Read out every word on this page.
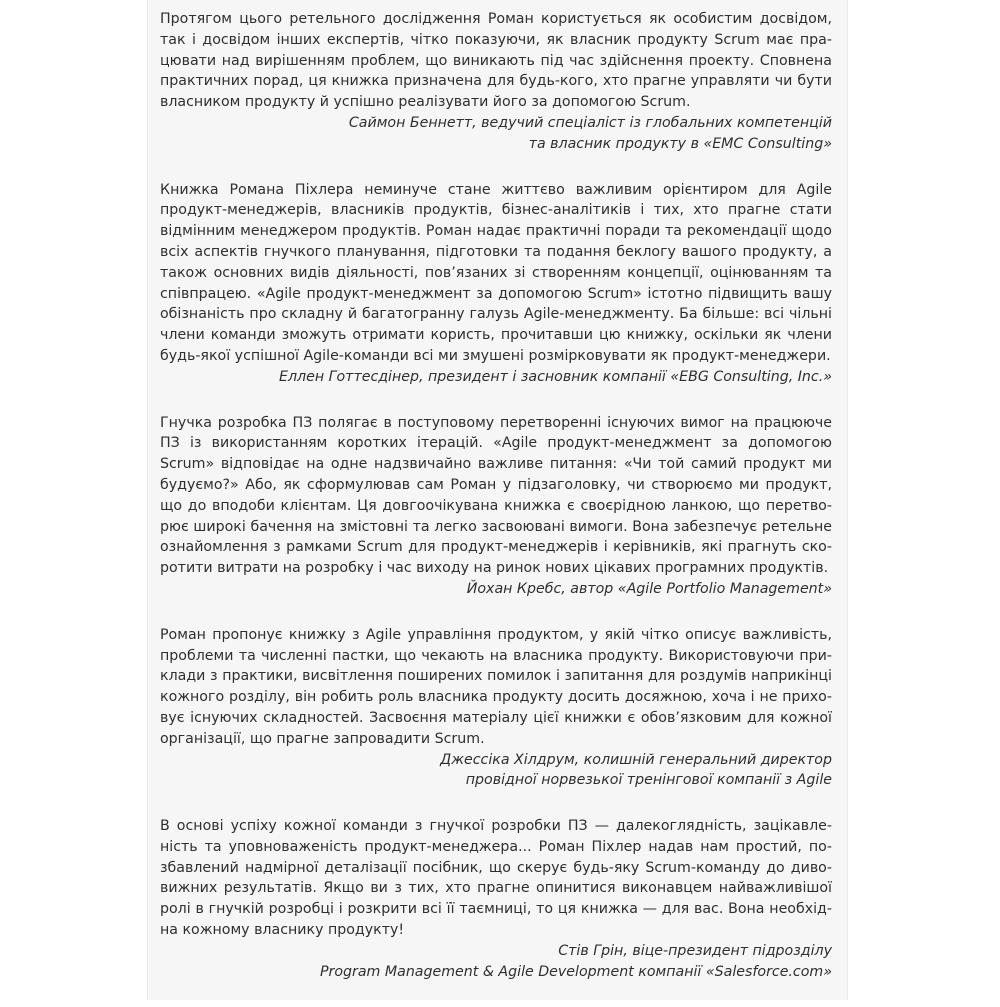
Протягом цього ретельного дослідження Роман користується як особистим досвідом, так і досвідом інших експертів, чітко показуючи, як власник продукту Scrum має працювати над вирішенням проблем, що виникають під час здійснення проекту. Сповнена практичних порад, ця книжка призначена для будь-кого, хто прагне управляти чи бути власником продукту й успішно реалізувати його за допомогою Scrum.

Саймон Беннетт, ведучий спеціаліст із глобальних компетенцій
та власник продукту в «EMC Consulting»

Книжка Романа Піхлера неминуче стане життєво важливим орієнтиром для Agile продукт-менеджерів, власників продуктів, бізнес-аналітиків і тих, хто прагне стати відмінним менеджером продуктів. Роман надає практичні поради та рекомендації щодо всіх аспектів гнучкого планування, підготовки та подання беклогу вашого продукту, а також основних видів діяльності, пов’язаних зі створенням концепції, оцінюванням та співпрацею. «Agile продукт-менеджмент за допомогою Scrum» істотно підвищить вашу обізнаність про складну й багатогранну галузь Agile-менеджменту. Ба більше: всі чільні члени команди зможуть отримати користь, прочитавши цю книжку, оскільки як члени будь-якої успішної Agile-команди всі ми змушені розмірковувати як продукт-менеджери.

Еллен Готтесдінер, президент і засновник компанії «EBG Consulting, Inc.»

Гнучка розробка ПЗ полягає в поступовому перетворенні існуючих вимог на працююче ПЗ із використанням коротких ітерацій. «Agile продукт-менеджмент за допомогою Scrum» відповідає на одне надзвичайно важливе питання: «Чи той самий продукт ми будуємо?» Або, як сформулював сам Роман у підзаголовку, чи створюємо ми продукт, що до вподоби клієнтам. Ця довгоочікувана книжка є своєрідною ланкою, що перетворює широкі бачення на змістовні та легко засвоювані вимоги. Вона забезпечує ретельне ознайомлення з рамками Scrum для продукт-менеджерів і керівників, які прагнуть скоротити витрати на розробку і час виходу на ринок нових цікавих програмних продуктів.

Йохан Кребс, автор «Agile Portfolio Management»

Роман пропонує книжку з Agile управління продуктом, у якій чітко описує важливість, проблеми та численні пастки, що чекають на власника продукту. Використовуючи приклади з практики, висвітлення поширених помилок і запитання для роздумів наприкінці кожного розділу, він робить роль власника продукту досить досяжною, хоча і не приховує існуючих складностей. Засвоєння матеріалу цієї книжки є обов’язковим для кожної організації, що прагне запровадити Scrum.

Джессіка Хілдрум, колишній генеральний директор
провідної норвезької тренінгової компанії з Agile

В основі успіху кожної команди з гнучкої розробки ПЗ — далекоглядність, зацікавленість та уповноваженість продукт-менеджера... Роман Піхлер надав нам простий, позбавлений надмірної деталізації посібник, що скерує будь-яку Scrum-команду до дивовижних результатів. Якщо ви з тих, хто прагне опинитися виконавцем найважливішої ролі в гнучкій розробці і розкрити всі її таємниці, то ця книжка — для вас. Вона необхідна кожному власнику продукту!

Стів Грін, віце-президент підрозділу
Program Management & Agile Development компанії «Salesforce.com»
